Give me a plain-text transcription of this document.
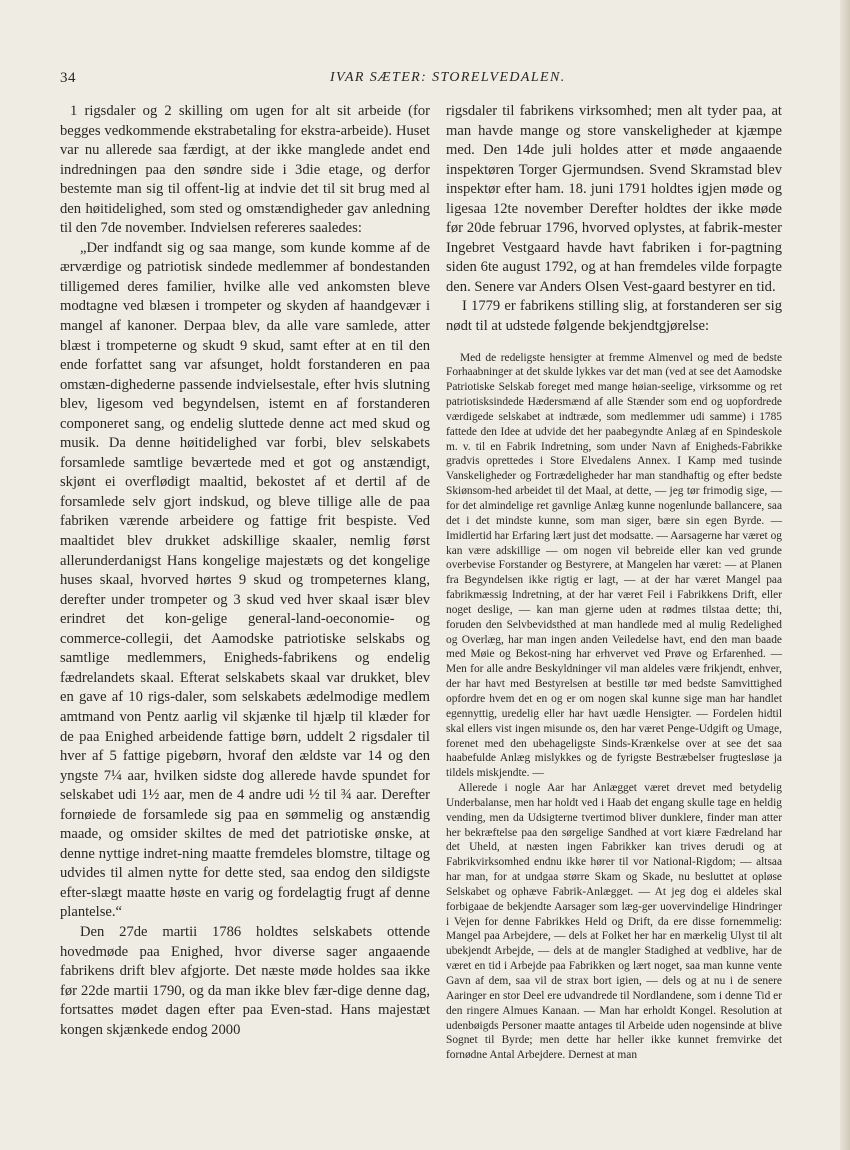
34	IVAR SÆTER: STORELVEDALEN.

1 rigsdaler og 2 skilling om ugen for alt sit arbeide (for begges vedkommende ekstrabetaling for ekstra-arbeide). Huset var nu allerede saa færdigt, at der ikke manglede andet end indredningen paa den søndre side i 3die etage, og derfor bestemte man sig til offent-lig at indvie det til sit brug med al den høitidelighed, som sted og omstændigheder gav anledning til den 7de november. Indvielsen refereres saaledes:

„Der indfandt sig og saa mange, som kunde komme af de ærværdige og patriotisk sindede medlemmer af bondestanden tilligemed deres familier, hvilke alle ved ankomsten bleve modtagne ved blæsen i trompeter og skyden af haandgevær i mangel af kanoner. Derpaa blev, da alle vare samlede, atter blæst i trompeterne og skudt 9 skud, samt efter at en til den ende forfattet sang var afsunget, holdt forstanderen en paa omstæn-dighederne passende indvielsestale, efter hvis slutning blev, ligesom ved begyndelsen, istemt en af forstanderen componeret sang, og endelig sluttede denne act med skud og musik. Da denne høitidelighed var forbi, blev selskabets forsamlede samtlige beværtede med et got og anstændigt, skjønt ei overflødigt maaltid, bekostet af et dertil af de forsamlede selv gjort indskud, og bleve tillige alle de paa fabriken værende arbeidere og fattige frit bespiste. Ved maaltidet blev drukket adskillige skaaler, nemlig først allerunderdanigst Hans kongelige majestæts og det kongelige huses skaal, hvorved hørtes 9 skud og trompeternes klang, derefter under trompeter og 3 skud ved hver skaal især blev erindret det kon-gelige general-land-oeconomie- og commerce-collegii, det Aamodske patriotiske selskabs og samtlige medlemmers, Enigheds-fabrikens og endelig fædrelandets skaal. Efterat selskabets skaal var drukket, blev en gave af 10 rigs-daler, som selskabets ædelmodige medlem amtmand von Pentz aarlig vil skjænke til hjælp til klæder for de paa Enighed arbeidende fattige børn, uddelt 2 rigsdaler til hver af 5 fattige pigebørn, hvoraf den ældste var 14 og den yngste 7¼ aar, hvilken sidste dog allerede havde spundet for selskabet udi 1½ aar, men de 4 andre udi ½ til ¾ aar. Derefter fornøiede de forsamlede sig paa en sømmelig og anstændig maade, og omsider skiltes de med det patriotiske ønske, at denne nyttige indret-ning maatte fremdeles blomstre, tiltage og udvides til almen nytte for dette sted, saa endog den sildigste efter-slægt maatte høste en varig og fordelagtig frugt af denne plantelse.“

Den 27de martii 1786 holdtes selskabets ottende hovedmøde paa Enighed, hvor diverse sager angaaende fabrikens drift blev afgjorte. Det næste møde holdes saa ikke før 22de martii 1790, og da man ikke blev fær-dige denne dag, fortsattes mødet dagen efter paa Even-stad. Hans majestæt kongen skjænkede endog 2000

rigsdaler til fabrikens virksomhed; men alt tyder paa, at man havde mange og store vanskeligheder at kjæmpe med. Den 14de juli holdes atter et møde angaaende inspektøren Torger Gjermundsen. Svend Skramstad blev inspektør efter ham. 18. juni 1791 holdtes igjen møde og ligesaa 12te november Derefter holdtes der ikke møde før 20de februar 1796, hvorved oplystes, at fabrik-mester Ingebret Vestgaard havde havt fabriken i for-pagtning siden 6te august 1792, og at han fremdeles vilde forpagte den. Senere var Anders Olsen Vest-gaard bestyrer en tid.

I 1779 er fabrikens stilling slig, at forstanderen ser sig nødt til at udstede følgende bekjendtgjørelse:

Med de redeligste hensigter at fremme Almenvel og med de bedste Forhaabninger at det skulde lykkes var det man (ved at see det Aamodske Patriotiske Selskab foreget med mange høian-seelige, virksomme og ret patriotisksindede Hædersmænd af alle Stænder som end og uopfordrede værdigede selskabet at indtræde, som medlemmer udi samme) i 1785 fattede den Idee at udvide det her paabegyndte Anlæg af en Spindeskole m. v. til en Fabrik Indretning, som under Navn af Enigheds-Fabrikke gradvis oprettedes i Store Elvedalens Annex. I Kamp med tusinde Vanskeligheder og Fortrædeligheder har man standhaftig og efter bedste Skiønsom-hed arbeidet til det Maal, at dette, — jeg tør frimodig sige, — for det almindelige ret gavnlige Anlæg kunne nogenlunde ballancere, saa det i det mindste kunne, som man siger, bære sin egen Byrde. — Imidlertid har Erfaring lært just det modsatte. — Aarsagerne har været og kan være adskillige — om nogen vil bebreide eller kan ved grunde overbevise Forstander og Bestyrere, at Mangelen har været: — at Planen fra Begyndelsen ikke rigtig er lagt, — at der har været Mangel paa fabrikmæssig Indretning, at der har været Feil i Fabrikkens Drift, eller noget deslige, — kan man gjerne uden at rødmes tilstaa dette; thi, foruden den Selvbevidsthed at man handlede med al mulig Redelighed og Overlæg, har man ingen anden Veiledelse havt, end den man baade med Møie og Bekost-ning har erhvervet ved Prøve og Erfarenhed. — Men for alle andre Beskyldninger vil man aldeles være frikjendt, enhver, der har havt med Bestyrelsen at bestille tør med bedste Samvittighed opfordre hvem det en og er om nogen skal kunne sige man har handlet egennyttig, uredelig eller har havt uædle Hensigter. — Fordelen hidtil skal ellers vist ingen misunde os, den har været Penge-Udgift og Umage, forenet med den ubehageligste Sinds-Krænkelse over at see det saa haabefulde Anlæg mislykkes og de fyrigste Bestræbelser frugtesløse ja tildels miskjendte. —

Allerede i nogle Aar har Anlægget været drevet med betydelig Underbalanse, men har holdt ved i Haab det engang skulle tage en heldig vending, men da Udsigterne tvertimod bliver dunklere, finder man atter her bekræftelse paa den sørgelige Sandhed at vort kiære Fædreland har det Uheld, at næsten ingen Fabrikker kan trives derudi og at Fabrikvirksomhed endnu ikke hører til vor National-Rigdom; — altsaa har man, for at undgaa større Skam og Skade, nu besluttet at opløse Selskabet og ophæve Fabrik-Anlægget. — At jeg dog ei aldeles skal forbigaae de bekjendte Aarsager som læg-ger uovervindelige Hindringer i Vejen for denne Fabrikkes Held og Drift, da ere disse fornemmelig: Mangel paa Arbejdere, — dels at Folket her har en mærkelig Ulyst til alt ubekjendt Arbejde, — dels at de mangler Stadighed at vedblive, har de været en tid i Arbejde paa Fabrikken og lært noget, saa man kunne vente Gavn af dem, saa vil de strax bort igien, — dels og at nu i de senere Aaringer en stor Deel ere udvandrede til Nordlandene, som i denne Tid er den ringere Almues Kanaan. — Man har erholdt Kongel. Resolution at udenbøigds Personer maatte antages til Arbeide uden nogensinde at blive Sognet til Byrde; men dette har heller ikke kunnet fremvirke det fornødne Antal Arbejdere. Dernest at man
